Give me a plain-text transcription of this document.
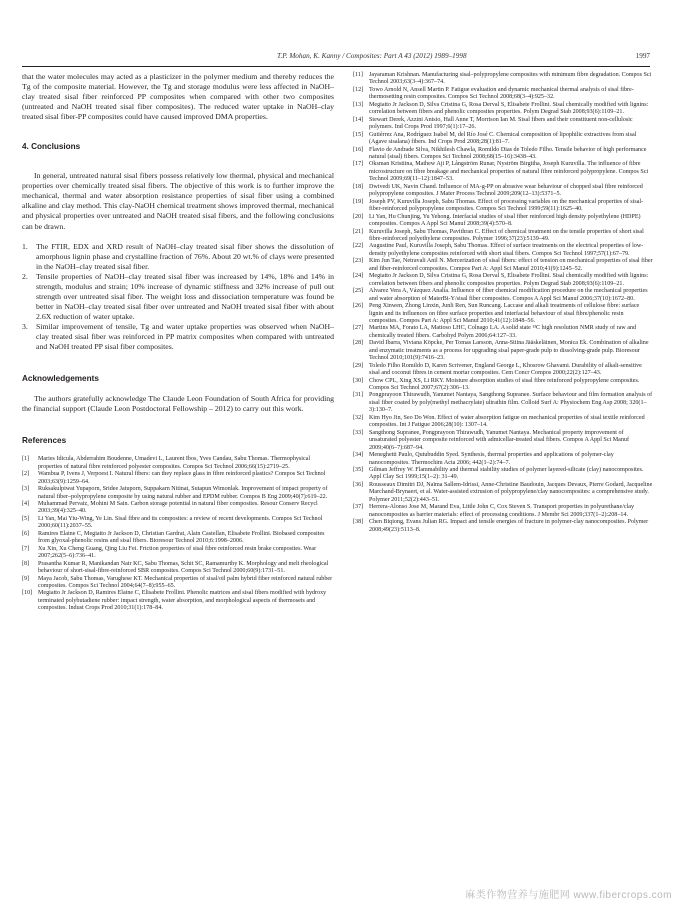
T.P. Mohan, K. Kanny / Composites: Part A 43 (2012) 1989–1998	1997

that the water molecules may acted as a plasticizer in the polymer medium and thereby reduces the Tg of the composite material. However, the Tg and storage modulus were less affected in NaOH–clay treated sisal fiber reinforced PP composites when compared with other two composites (untreated and NaOH treated sisal fiber composites). The reduced water uptake in NaOH–clay treated sisal fiber-PP composites could have caused improved DMA properties.

4. Conclusions

In general, untreated natural sisal fibers possess relatively low thermal, physical and mechanical properties over chemically treated sisal fibers. The objective of this work is to further improve the mechanical, thermal and water absorption resistance properties of sisal fiber using a combined alkaline and clay method. This clay-NaOH chemical treatment shows improved thermal, mechanical and physical properties over untreated and NaOH treated sisal fibers, and the following conclusions can be drawn.

1. The FTIR, EDX and XRD result of NaOH–clay treated sisal fiber shows the dissolution of amorphous lignin phase and crystalline fraction of 76%. About 20 wt.% of clays were presented in the NaOH–clay treated sisal fiber.
2. Tensile properties of NaOH–clay treated sisal fiber was increased by 14%, 18% and 14% in strength, modulus and strain; 10% increase of dynamic stiffness and 32% increase of pull out strength over untreated sisal fiber. The weight loss and dissociation temperature was found be better in NaOH–clay treated sisal fiber over untreated and NaOH treated sisal fiber with about 2.6X reduction of water uptake.
3. Similar improvement of tensile, Tg and water uptake properties was observed when NaOH–clay treated sisal fiber was reinforced in PP matrix composites when compared with untreated and NaOH treated PP sisal fiber composites.
Acknowledgements

The authors gratefully acknowledge The Claude Leon Foundation of South Africa for providing the financial support (Claude Leon Postdoctoral Fellowship – 2012) to carry out this work.

References
[1] Maries Idicula, Abderrahim Boudenne, Umadevi L, Laurent Ibos, Yves Candau, Sabu Thomas. Thermophysical properties of natural fibre reinforced polyester composites. Compos Sci Technol 2006;66(15):2719–25.
[2] Wambua P, Ivens J, Verpoest I. Natural fibers: can they replace glass in fibre reinforced plastics? Compos Sci Technol 2003;63(9):1259–64.
[3] Ruksakulpiwat Yupaporn, Sridee Jatuporn, Suppakarn Nitinat, Sutapun Wimonlak. Improvement of impact property of natural fiber–polypropylene composite by using natural rubber and EPDM rubber. Compos B Eng 2009;40(7):619–22.
[4] Muhammad Pervaiz, Mohini M Sain. Carbon storage potential in natural fiber composites. Resour Conserv Recycl 2003;39(4):325–40.
[5] Li Yan, Mai Yiu-Wing, Ye Lin. Sisal fibre and its composites: a review of recent developments. Compos Sci Technol 2000;60(11):2037–55.
[6] Ramires Elaine C, Megiatto Jr Jackson D, Christian Gardrat, Alain Castellan, Elisabete Frollini. Biobased composites from glyoxal-phenolic resins and sisal fibers. Bioresour Technol 2010;6:1998–2006.
[7] Xu Xin, Xu Cheng Guang, Qing Liu Fei. Friction properties of sisal fibre reinforced resin brake composites. Wear 2007;262(5–6):736–41.
[8] Prasantha Kumar R, Manikandan Nair KC, Sabu Thomas, Schit SC, Ramamurthy K. Morphology and melt rheological behaviour of short-sisal-fibre-reinforced SBR composites. Compos Sci Technol 2000;60(9):1731–51.
[9] Maya Jacob, Sabu Thomas, Varughese KT. Mechanical properties of sisal/oil palm hybrid fiber reinforced natural rubber composites. Compos Sci Technol 2004;64(7–8):955–65.
[10] Megiatto Jr Jackson D, Ramires Elaine C, Elisabete Frollini. Phenolic matrices and sisal fibers modified with hydroxy terminated polybutadiene rubber: impact strength, water absorption, and morphological aspects of thermosets and composites. Indust Crops Prod 2010;31(1):178–84.
[11] Jayaraman Krishnan. Manufacturing sisal–polypropylene composites with minimum fibre degradation. Compos Sci Technol 2003;63(3–4):367–74.
[12] Towo Arnold N, Ansell Martin P. Fatigue evaluation and dynamic mechanical thermal analysis of sisal fibre-thermosetting resin composites. Compos Sci Technol 2008;68(3–4):925–32.
[13] Megiatto Jr Jackson D, Silva Cristina G, Rosa Derval S, Elisabete Frollini. Sisal chemically modified with lignins: correlation between fibers and phenolic composites properties. Polym Degrad Stab 2008;93(6):1109–21.
[14] Stewart Derek, Azzini Anisio, Hall Anne T, Morrison Ian M. Sisal fibers and their constituent non-cellulosic polymers. Ind Crops Prod 1997;6(1):17–26.
[15] Gutiérrez Ana, Rodríguez Isabel M, del Río José C. Chemical composition of lipophilic extractives from sisal (Agave sisalana) fibers. Ind Crops Prod 2008;28(1):81–7.
[16] Flavio de Andrade Silva, Nikhilesh Chawla, Romildo Dias de Toledo Filho. Tensile behavior of high performance natural (sisal) fibers. Compos Sci Technol 2008;68(15–16):3438–43.
[17] Oksman Kristiina, Mathew Aji P, Långström Runar, Nyström Birgitha, Joseph Kuruvilla. The influence of fibre microstructure on fibre breakage and mechanical properties of natural fibre reinforced polypropylene. Compos Sci Technol 2009;69(11–12):1847–53.
[18] Dwivedi UK, Navin Chand. Influence of MA-g-PP on abrasive wear behaviour of chopped sisal fibre reinforced polypropylene composites. J Mater Process Technol 2009;209(12–13):5371–5.
[19] Joseph PV, Kuruvilla Joseph, Sabu Thomas. Effect of processing variables on the mechanical properties of sisal-fiber-reinforced polypropylene composites. Compos Sci Technol 1999;59(11):1625–40.
[20] Li Yan, Hu Chunjing, Yu Yehong. Interfacial studies of sisal fiber reinforced high density polyethylene (HDPE) composites. Compos A Appl Sci Manuf 2008;39(4):570–8.
[21] Kuruvilla Joseph, Sabu Thomas, Pavithran C. Effect of chemical treatment on the tensile properties of short sisal fibre-reinforced polyethylene composites. Polymer 1996;37(23):5139–49.
[22] Augustine Paul, Kuruvilla Joseph, Sabu Thomas. Effect of surface treatments on the electrical properties of low-density polyethylene composites reinforced with short sisal fibers. Compos Sci Technol 1997;57(1):67–79.
[23] Kim Jun Tae, Netravali Anil N. Mercerization of sisal fibers: effect of tension on mechanical properties of sisal fiber and fiber-reinforced composites. Compos Part A: Appl Sci Manuf 2010;41(9):1245–52.
[24] Megiatto Jr Jackson D, Silva Cristina G, Rosa Derval S, Elisabete Frollini. Sisal chemically modified with lignins: correlation between fibers and phenolic composites properties. Polym Degrad Stab 2008;93(6):1109–21.
[25] Alvarez Vera A, Vázquez Analía. Influence of fiber chemical modification procedure on the mechanical properties and water absorption of MaterBi-Y/sisal fiber composites. Compos A Appl Sci Manuf 2006;37(10):1672–80.
[26] Peng Xinwen, Zhong Linxin, Junli Ren, Sun Runcang. Laccase and alkali treatments of cellulose fibre: surface lignin and its influences on fibre surface properties and interfacial behaviour of sisal fibre/phenolic resin composites. Compos Part A: Appl Sci Manuf 2010;41(12):1848–56.
[27] Martins MA, Forato LA, Mattoso LHC, Colnago LA. A solid state ¹³C high resolution NMR study of raw and chemically treated fibers. Carbohyd Polym 2006;64:127–33.
[28] David Ibarra, Viviana Köpcke, Per Tomas Larsson, Anna-Stiina Jääskeläinen, Monica Ek. Combination of alkaline and enzymatic treatments as a process for upgrading sisal paper-grade pulp to dissolving-grade pulp. Bioresour Technol 2010;101(9):7416–23.
[29] Toledo Filho Romildo D, Karen Scrivener, England George L, Khosrow Ghavami. Durability of alkali-sensitive sisal and coconut fibres in cement mortar composites. Cem Concr Compos 2000;22(2):127–43.
[30] Chow CPL, Xing XS, Li RKY. Moisture absorption studies of sisal fibre reinforced polypropylene composites. Compos Sci Technol 2007;67(2):306–13.
[31] Pongprayoon Thirawudh, Yanumet Nantaya, Sangthong Supranee. Surface behaviour and film formation analysis of sisal fiber coated by poly(methyl methacrylate) ultrathin film. Colloid Surf A: Physiochem Eng Asp 2008; 320(1–3):130–7.
[32] Kim Hyo Jin, Seo Do Won. Effect of water absorption fatigue on mechanical properties of sisal textile reinforced composites. Int J Fatigue 2006;28(10): 1307–14.
[33] Sangthong Supranee, Pongprayoon Thirawudh, Yanumet Nantaya. Mechanical property improvement of unsaturated polyester composite reinforced with admicellar-treated sisal fibers. Compos A Appl Sci Manuf 2009;40(6–7):687–94.
[34] Meneghetti Paulo, Qutubuddin Syed. Synthesis, thermal properties and applications of polymer-clay nanocomposites. Thermochim Acta 2006; 442(1–2):74–7.
[35] Gilman Jeffrey W. Flammability and thermal stability studies of polymer layered-silicate (clay) nanocomposites. Appl Clay Sci 1999;15(1–2): 31–49.
[36] Rousseaux Dimitri DJ, Naïma Sallem-Idrissi, Anne-Christine Baudouin, Jacques Devaux, Pierre Godard, Jacqueline Marchand-Brynaert, et al. Water-assisted extrusion of polypropylene/clay nanocomposites: a comprehensive study. Polymer 2011;52(2):443–51.
[37] Herrera-Alonso Jose M, Marand Eva, Little John C, Cox Steven S. Transport properties in polyurethane/clay nanocomposites as barrier materials: effect of processing conditions. J Membr Sci 2009;337(1–2):208–14.
[38] Chen Biqiong, Evans Julian RG. Impact and tensile energies of fracture in polymer-clay nanocomposites. Polymer 2008;49(23):5113–8.
麻类作物营养与施肥网 www.fibercrops.com
